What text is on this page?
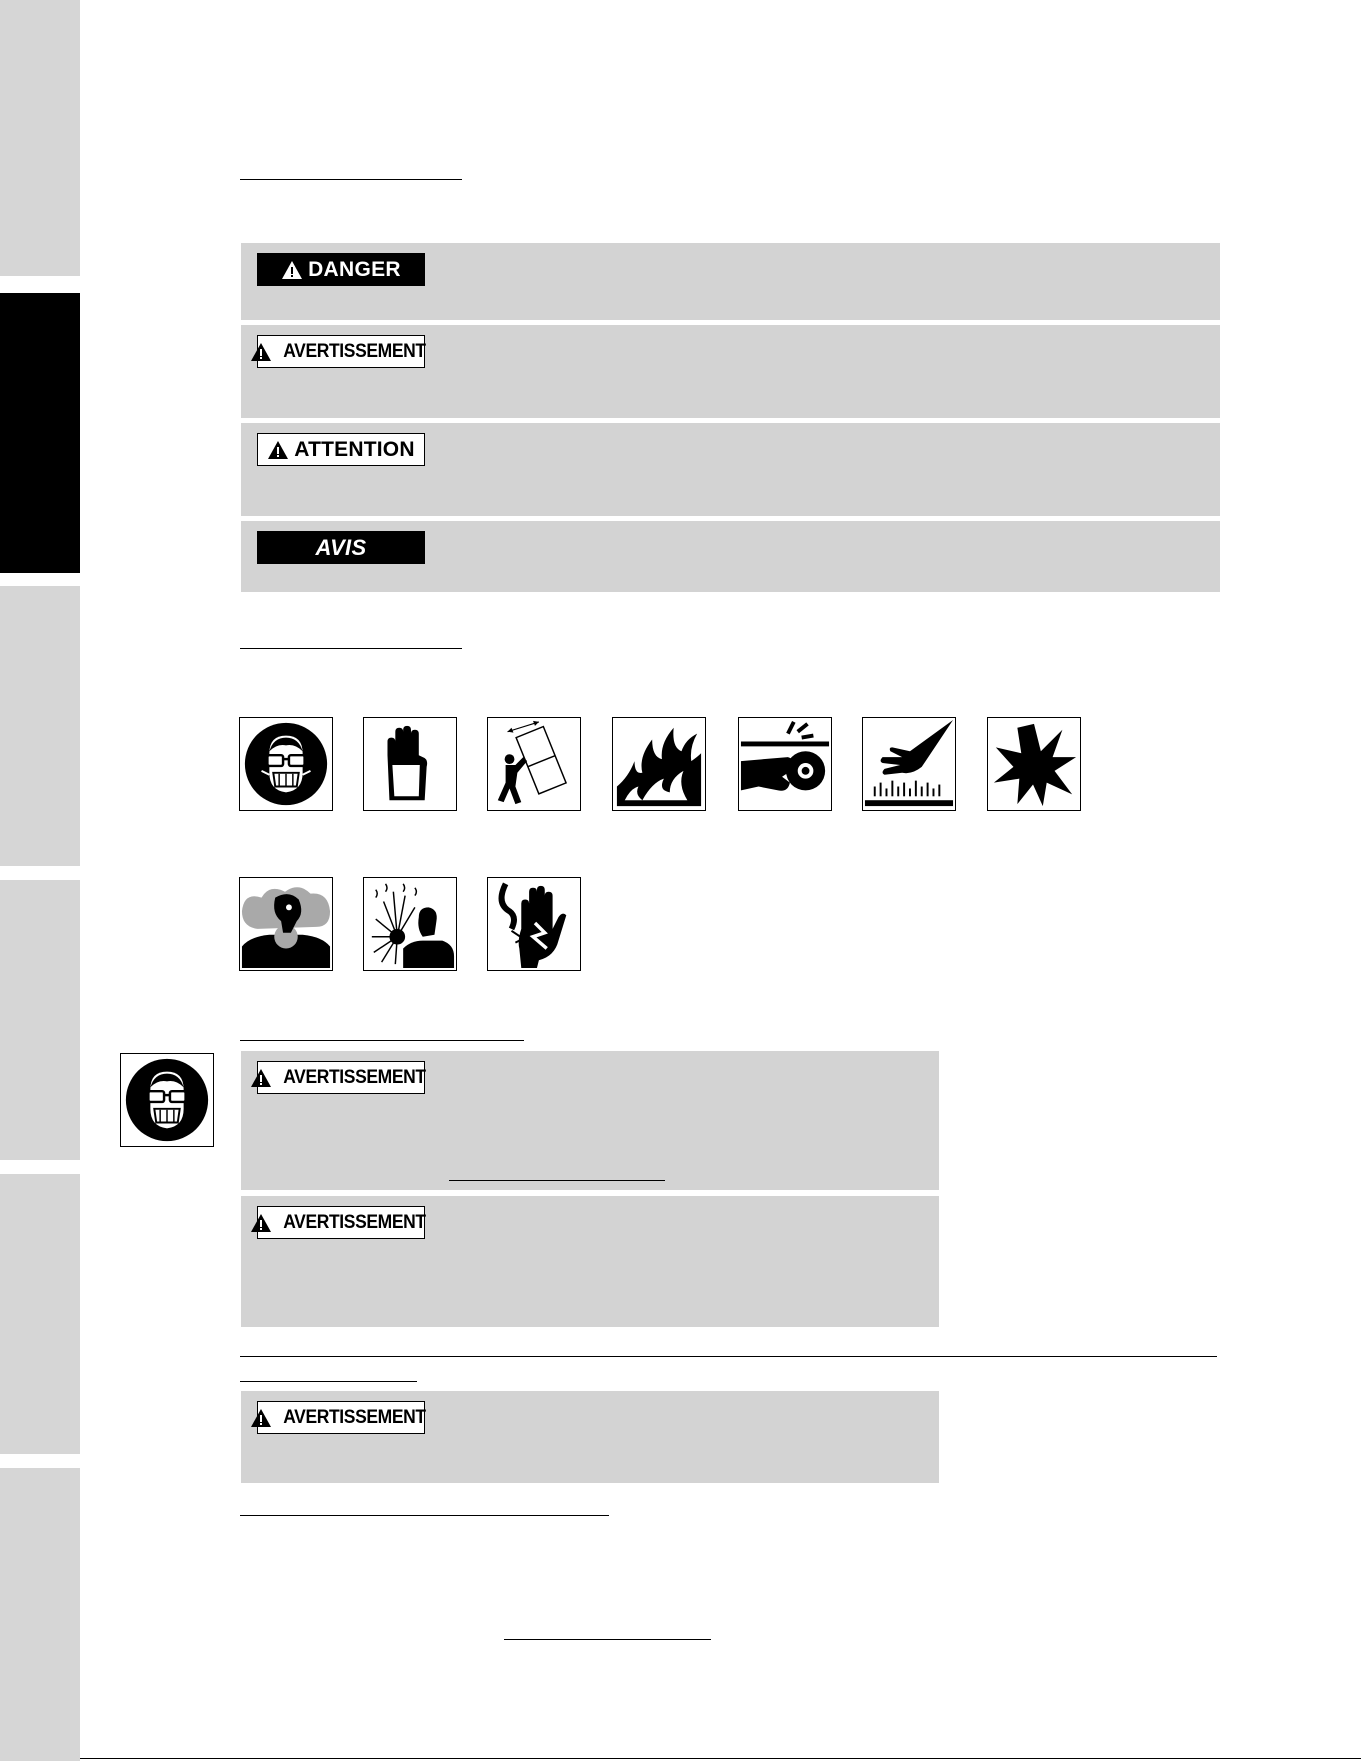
DANGER
AVERTISSEMENT
ATTENTION
AVIS
AVERTISSEMENT
AVERTISSEMENT
AVERTISSEMENT
